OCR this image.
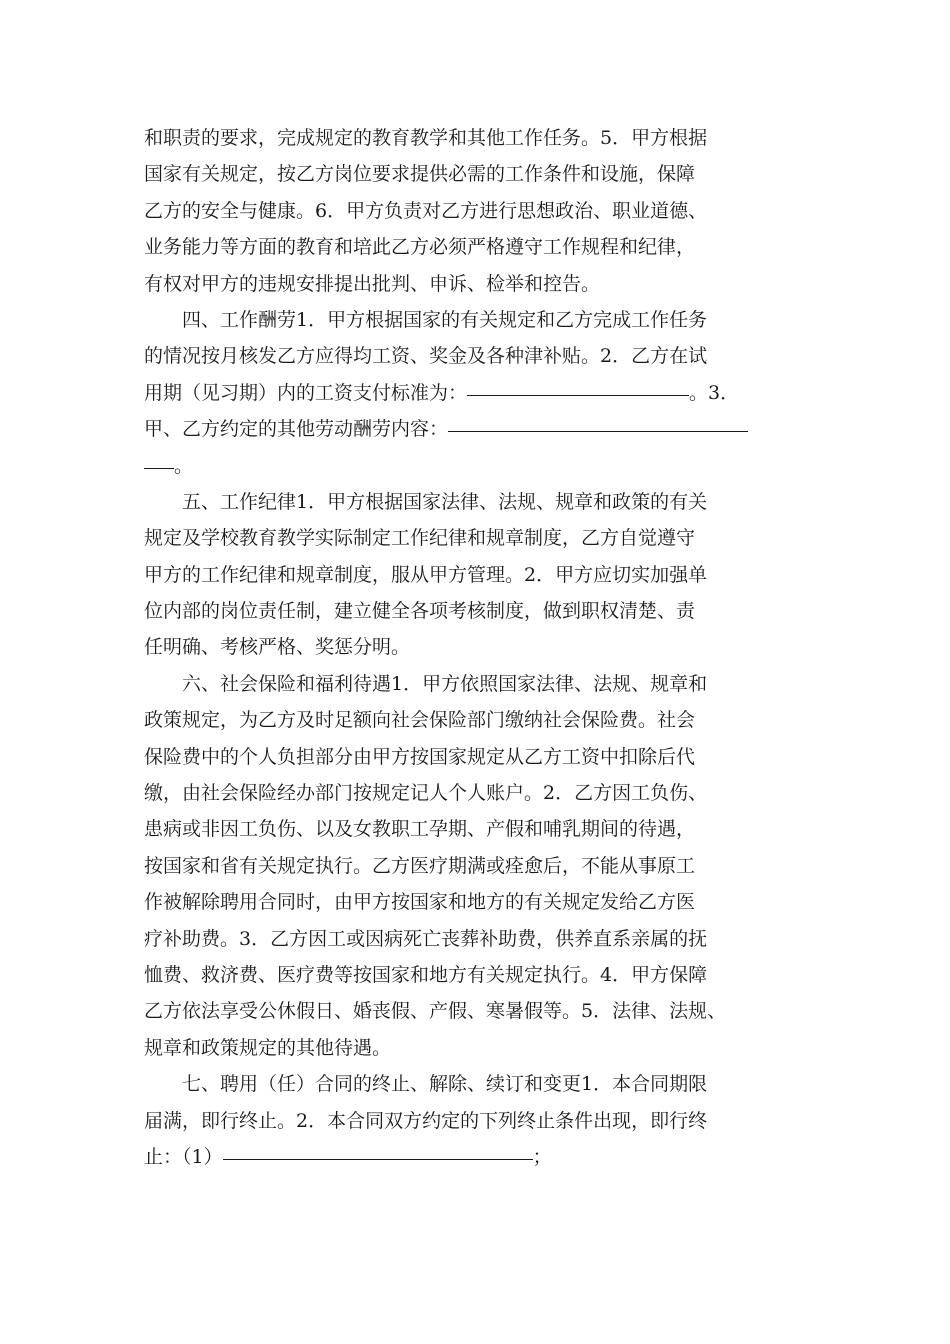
和职责的要求，完成规定的教育教学和其他工作任务。5．甲方根据
国家有关规定，按乙方岗位要求提供必需的工作条件和设施，保障
乙方的安全与健康。6．甲方负责对乙方进行思想政治、职业道德、
业务能力等方面的教育和培此乙方必须严格遵守工作规程和纪律，
有权对甲方的违规安排提出批判、申诉、检举和控告。
四、工作酬劳1．甲方根据国家的有关规定和乙方完成工作任务
的情况按月核发乙方应得均工资、奖金及各种津补贴。2．乙方在试
用期（见习期）内的工资支付标准为：	。3．
甲、乙方约定的其他劳动酬劳内容：
。
五、工作纪律1．甲方根据国家法律、法规、规章和政策的有关
规定及学校教育教学实际制定工作纪律和规章制度，乙方自觉遵守
甲方的工作纪律和规章制度，服从甲方管理。2．甲方应切实加强单
位内部的岗位责任制，建立健全各项考核制度，做到职权清楚、责
任明确、考核严格、奖惩分明。
六、社会保险和福利待遇1．甲方依照国家法律、法规、规章和
政策规定，为乙方及时足额向社会保险部门缴纳社会保险费。社会
保险费中的个人负担部分由甲方按国家规定从乙方工资中扣除后代
缴，由社会保险经办部门按规定记人个人账户。2．乙方因工负伤、
患病或非因工负伤、以及女教职工孕期、产假和哺乳期间的待遇，
按国家和省有关规定执行。乙方医疗期满或痊愈后，不能从事原工
作被解除聘用合同时，由甲方按国家和地方的有关规定发给乙方医
疗补助费。3．乙方因工或因病死亡丧葬补助费，供养直系亲属的抚
恤费、救济费、医疗费等按国家和地方有关规定执行。4．甲方保障
乙方依法享受公休假日、婚丧假、产假、寒暑假等。5．法律、法规、
规章和政策规定的其他待遇。
七、聘用（任）合同的终止、解除、续订和变更1．本合同期限
届满，即行终止。2．本合同双方约定的下列终止条件出现，即行终
止：（1）	；
